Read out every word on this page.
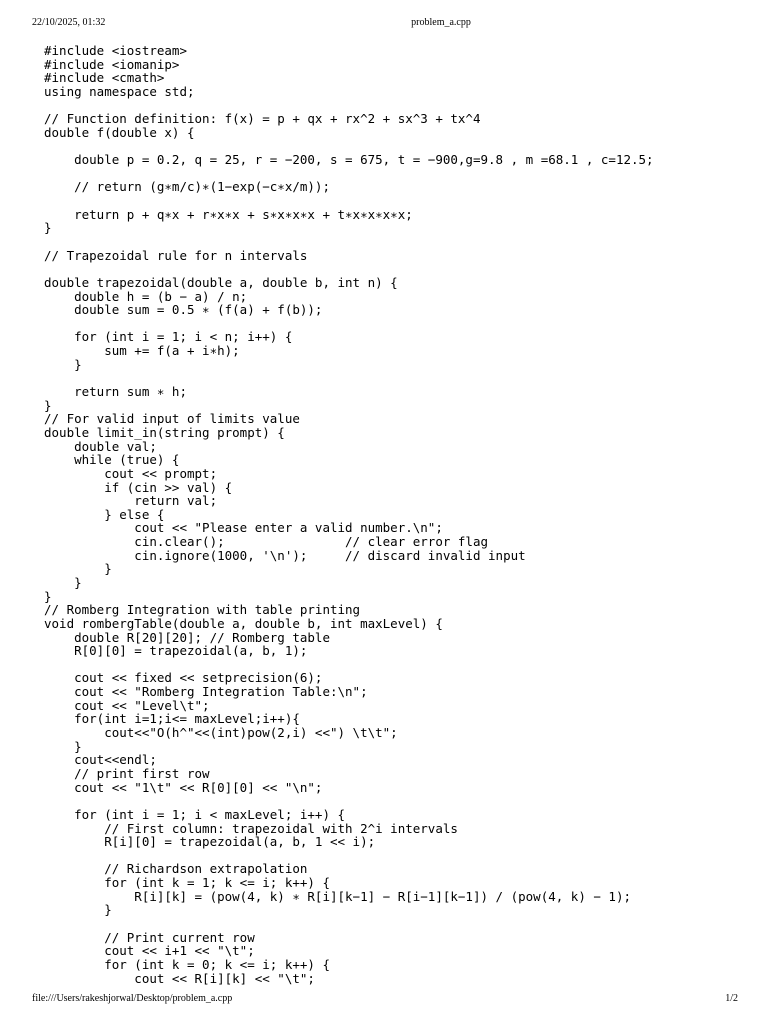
22/10/2025, 01:32	problem_a.cpp
#include <iostream>
#include <iomanip>
#include <cmath>
using namespace std;
// Function definition: f(x) = p + qx + rx^2 + sx^3 + tx^4
double f(double x) {
double p = 0.2, q = 25, r = −200, s = 675, t = −900,g=9.8 , m =68.1 , c=12.5;
// return (g∗m/c)∗(1−exp(−c∗x/m));
return p + q∗x + r∗x∗x + s∗x∗x∗x + t∗x∗x∗x∗x;
}
// Trapezoidal rule for n intervals
double trapezoidal(double a, double b, int n) {
double h = (b − a) / n;
double sum = 0.5 ∗ (f(a) + f(b));
for (int i = 1; i < n; i++) {
sum += f(a + i∗h);
}
return sum ∗ h;
}
// For valid input of limits value
double limit_in(string prompt) {
double val;
while (true) {
cout << prompt;
if (cin >> val) {
return val;
} else {
cout << "Please enter a valid number.\n";
cin.clear();                // clear error flag
cin.ignore(1000, '\n');     // discard invalid input
}
}
}
// Romberg Integration with table printing
void rombergTable(double a, double b, int maxLevel) {
double R[20][20]; // Romberg table
R[0][0] = trapezoidal(a, b, 1);
cout << fixed << setprecision(6);
cout << "Romberg Integration Table:\n";
cout << "Level\t";
for(int i=1;i<= maxLevel;i++){
cout<<"O(h^"<<(int)pow(2,i) <<") \t\t";
}
cout<<endl;
// print first row
cout << "1\t" << R[0][0] << "\n";
for (int i = 1; i < maxLevel; i++) {
// First column: trapezoidal with 2^i intervals
R[i][0] = trapezoidal(a, b, 1 << i);
// Richardson extrapolation
for (int k = 1; k <= i; k++) {
R[i][k] = (pow(4, k) ∗ R[i][k−1] − R[i−1][k−1]) / (pow(4, k) − 1);
}
// Print current row
cout << i+1 << "\t";
for (int k = 0; k <= i; k++) {
cout << R[i][k] << "\t";
file:///Users/rakeshjorwal/Desktop/problem_a.cpp	1/2
